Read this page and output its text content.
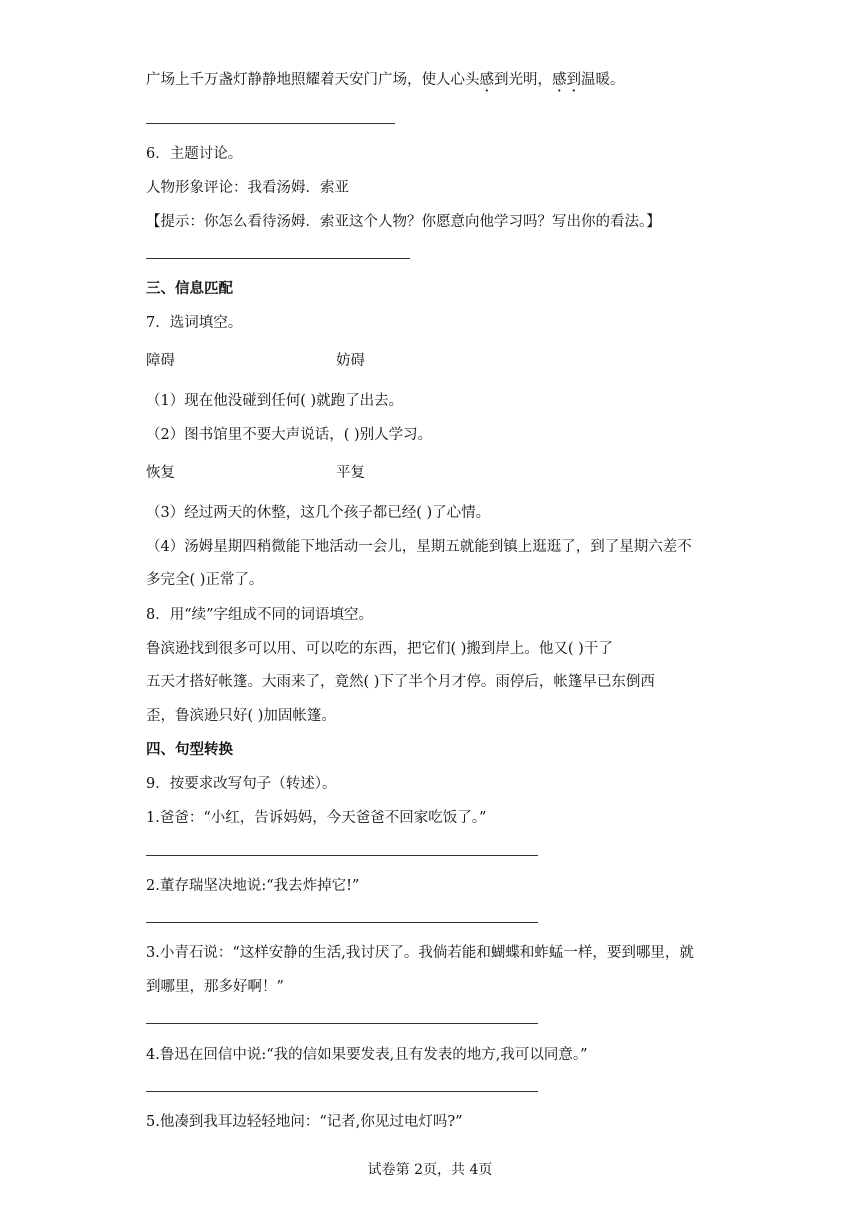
广场上千万盏灯静静地照耀着天安门广场，使人心头感到光明，感到温暖。
6．主题讨论。
人物形象评论：我看汤姆．索亚
【提示：你怎么看待汤姆．索亚这个人物？你愿意向他学习吗？写出你的看法。】
三、信息匹配
7．选词填空。
障碍	妨碍
（1）现在他没碰到任何( )就跑了出去。
（2）图书馆里不要大声说话，( )别人学习。
恢复	平复
（3）经过两天的休整，这几个孩子都已经( )了心情。
（4）汤姆星期四稍微能下地活动一会儿，星期五就能到镇上逛逛了，到了星期六差不
多完全( )正常了。
8．用“续”字组成不同的词语填空。
鲁滨逊找到很多可以用、可以吃的东西，把它们( )搬到岸上。他又( )干了
五天才搭好帐篷。大雨来了，竟然( )下了半个月才停。雨停后，帐篷早已东倒西
歪，鲁滨逊只好( )加固帐篷。
四、句型转换
9．按要求改写句子（转述）。
1.爸爸：“小红，告诉妈妈，今天爸爸不回家吃饭了。”
2.董存瑞坚决地说:“我去炸掉它!”
3.小青石说：“这样安静的生活,我讨厌了。我倘若能和蝴蝶和蚱蜢一样，要到哪里，就
到哪里，那多好啊！”
4.鲁迅在回信中说:“我的信如果要发表,且有发表的地方,我可以同意。”
5.他凑到我耳边轻轻地问：“记者,你见过电灯吗?”
试卷第 2页，共 4页
